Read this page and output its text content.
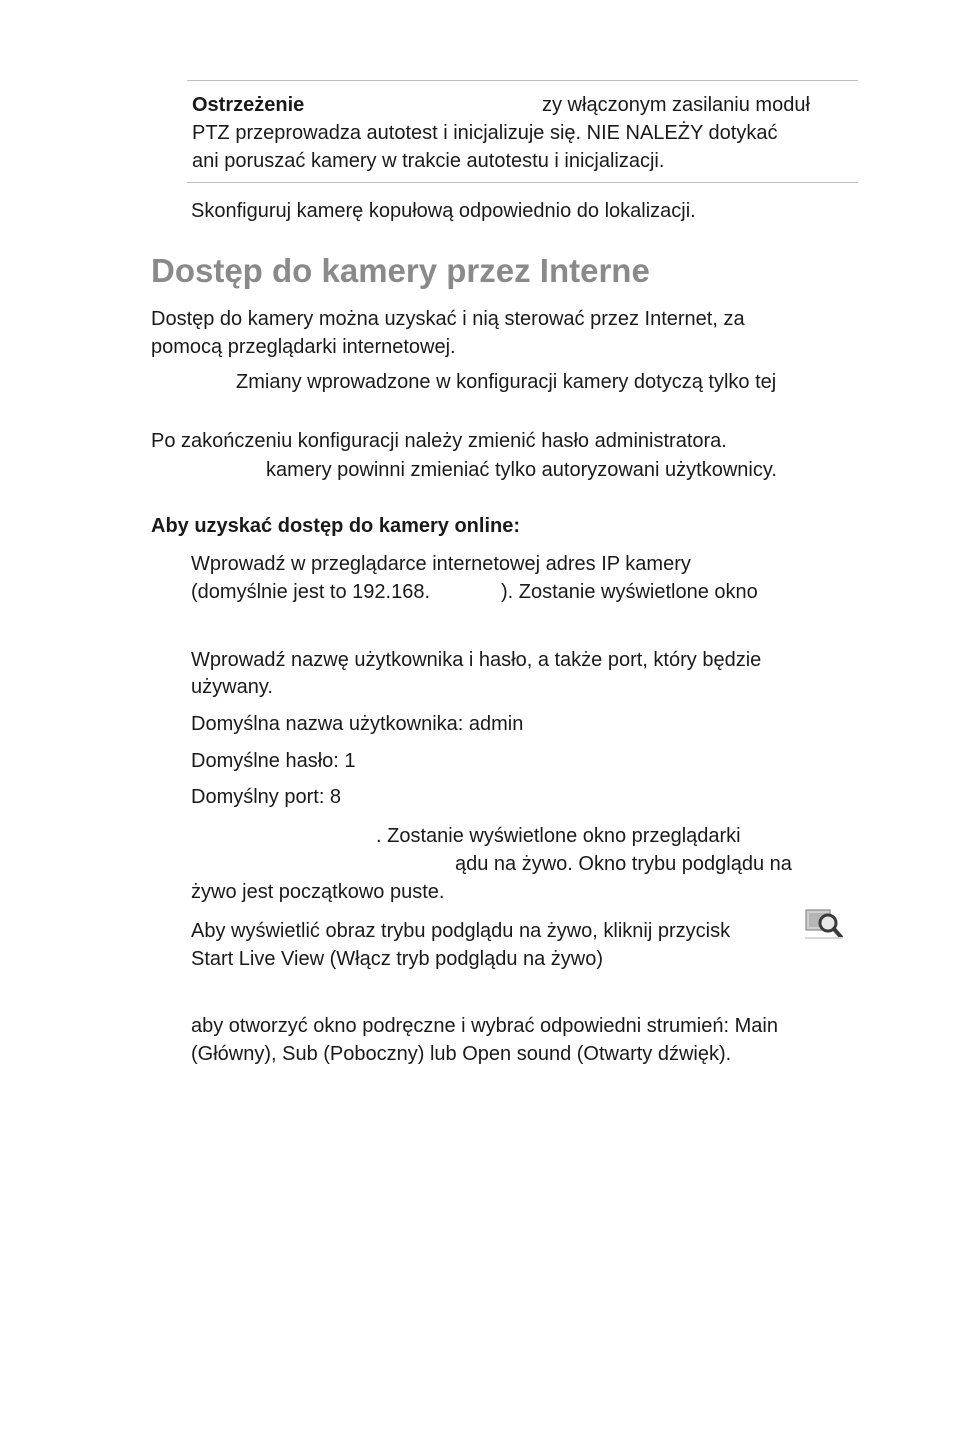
Ostrzeżenie	zy włączonym zasilaniu moduł
PTZ przeprowadza autotest i inicjalizuje się. NIE NALEŻY dotykać
ani poruszać kamery w trakcie autotestu i inicjalizacji.
Skonfiguruj kamerę kopułową odpowiednio do lokalizacji.
Dostęp do kamery przez Interne
Dostęp do kamery można uzyskać i nią sterować przez Internet, za
pomocą przeglądarki internetowej.
Zmiany wprowadzone w konfiguracji kamery dotyczą tylko tej
Po zakończeniu konfiguracji należy zmienić hasło administratora.
kamery powinni zmieniać tylko autoryzowani użytkownicy.
Aby uzyskać dostęp do kamery online:
Wprowadź w przeglądarce internetowej adres IP kamery
(domyślnie jest to 192.168.	). Zostanie wyświetlone okno
Wprowadź nazwę użytkownika i hasło, a także port, który będzie
używany.
Domyślna nazwa użytkownika: admin
Domyślne hasło: 1
Domyślny port: 8
. Zostanie wyświetlone okno przeglądarki
ądu na żywo. Okno trybu podglądu na
żywo jest początkowo puste.
Aby wyświetlić obraz trybu podglądu na żywo, kliknij przycisk
Start Live View (Włącz tryb podglądu na żywo)
aby otworzyć okno podręczne i wybrać odpowiedni strumień: Main
(Główny), Sub (Poboczny) lub Open sound (Otwarty dźwięk).
